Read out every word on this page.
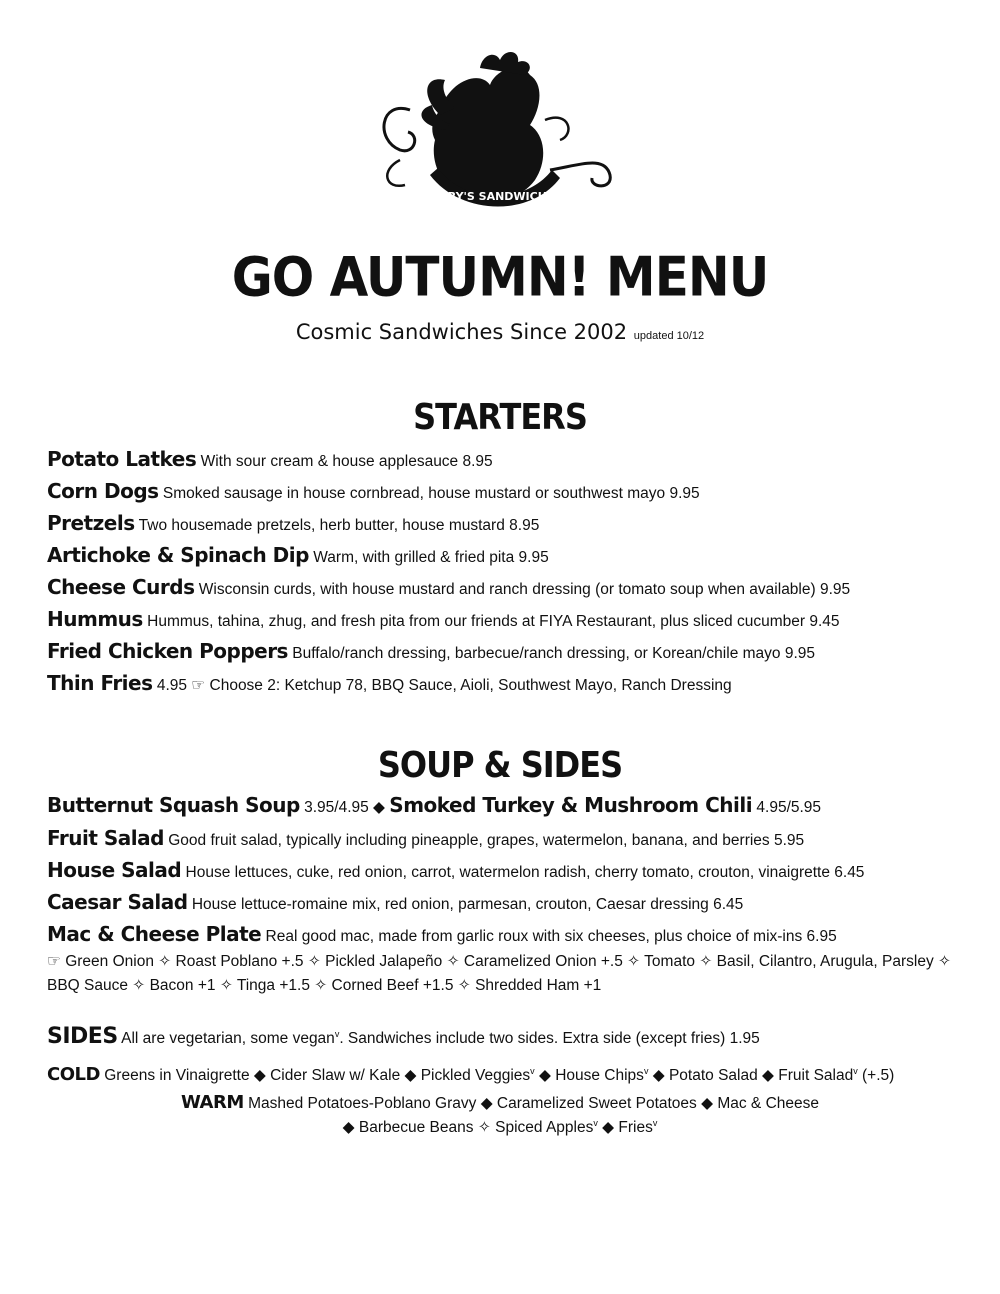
JERRY'S SANDWICHES
GO AUTUMN! MENU
Cosmic Sandwiches Since 2002 updated 10/12
STARTERS
Potato Latkes With sour cream & house applesauce 8.95
Corn Dogs Smoked sausage in house cornbread, house mustard or southwest mayo 9.95
Pretzels Two housemade pretzels, herb butter, house mustard 8.95
Artichoke & Spinach Dip Warm, with grilled & fried pita 9.95
Cheese Curds Wisconsin curds, with house mustard and ranch dressing (or tomato soup when available) 9.95
Hummus Hummus, tahina, zhug, and fresh pita from our friends at FIYA Restaurant, plus sliced cucumber 9.45
Fried Chicken Poppers Buffalo/ranch dressing, barbecue/ranch dressing, or Korean/chile mayo 9.95
Thin Fries 4.95 ☞ Choose 2: Ketchup 78, BBQ Sauce, Aioli, Southwest Mayo, Ranch Dressing
SOUP & SIDES
Butternut Squash Soup 3.95/4.95 ◆ Smoked Turkey & Mushroom Chili 4.95/5.95
Fruit Salad Good fruit salad, typically including pineapple, grapes, watermelon, banana, and berries 5.95
House Salad House lettuces, cuke, red onion, carrot, watermelon radish, cherry tomato, crouton, vinaigrette 6.45
Caesar Salad House lettuce-romaine mix, red onion, parmesan, crouton, Caesar dressing 6.45
Mac & Cheese Plate Real good mac, made from garlic roux with six cheeses, plus choice of mix-ins 6.95
☞ Green Onion ✧ Roast Poblano +.5 ✧ Pickled Jalapeño ✧ Caramelized Onion +.5 ✧ Tomato ✧ Basil, Cilantro, Arugula, Parsley ✧ BBQ Sauce ✧ Bacon +1 ✧ Tinga +1.5 ✧ Corned Beef +1.5 ✧ Shredded Ham +1
SIDES All are vegetarian, some vegan$^v$. Sandwiches include two sides. Extra side (except fries) 1.95
COLD Greens in Vinaigrette ◆ Cider Slaw w/ Kale ◆ Pickled Veggies$^v$ ◆ House Chips$^v$ ◆ Potato Salad ◆ Fruit Salad$^v$ (+.5)
WARM Mashed Potatoes-Poblano Gravy ◆ Caramelized Sweet Potatoes ◆ Mac & Cheese
◆ Barbecue Beans ✧ Spiced Apples$^v$ ◆ Fries$^v$
